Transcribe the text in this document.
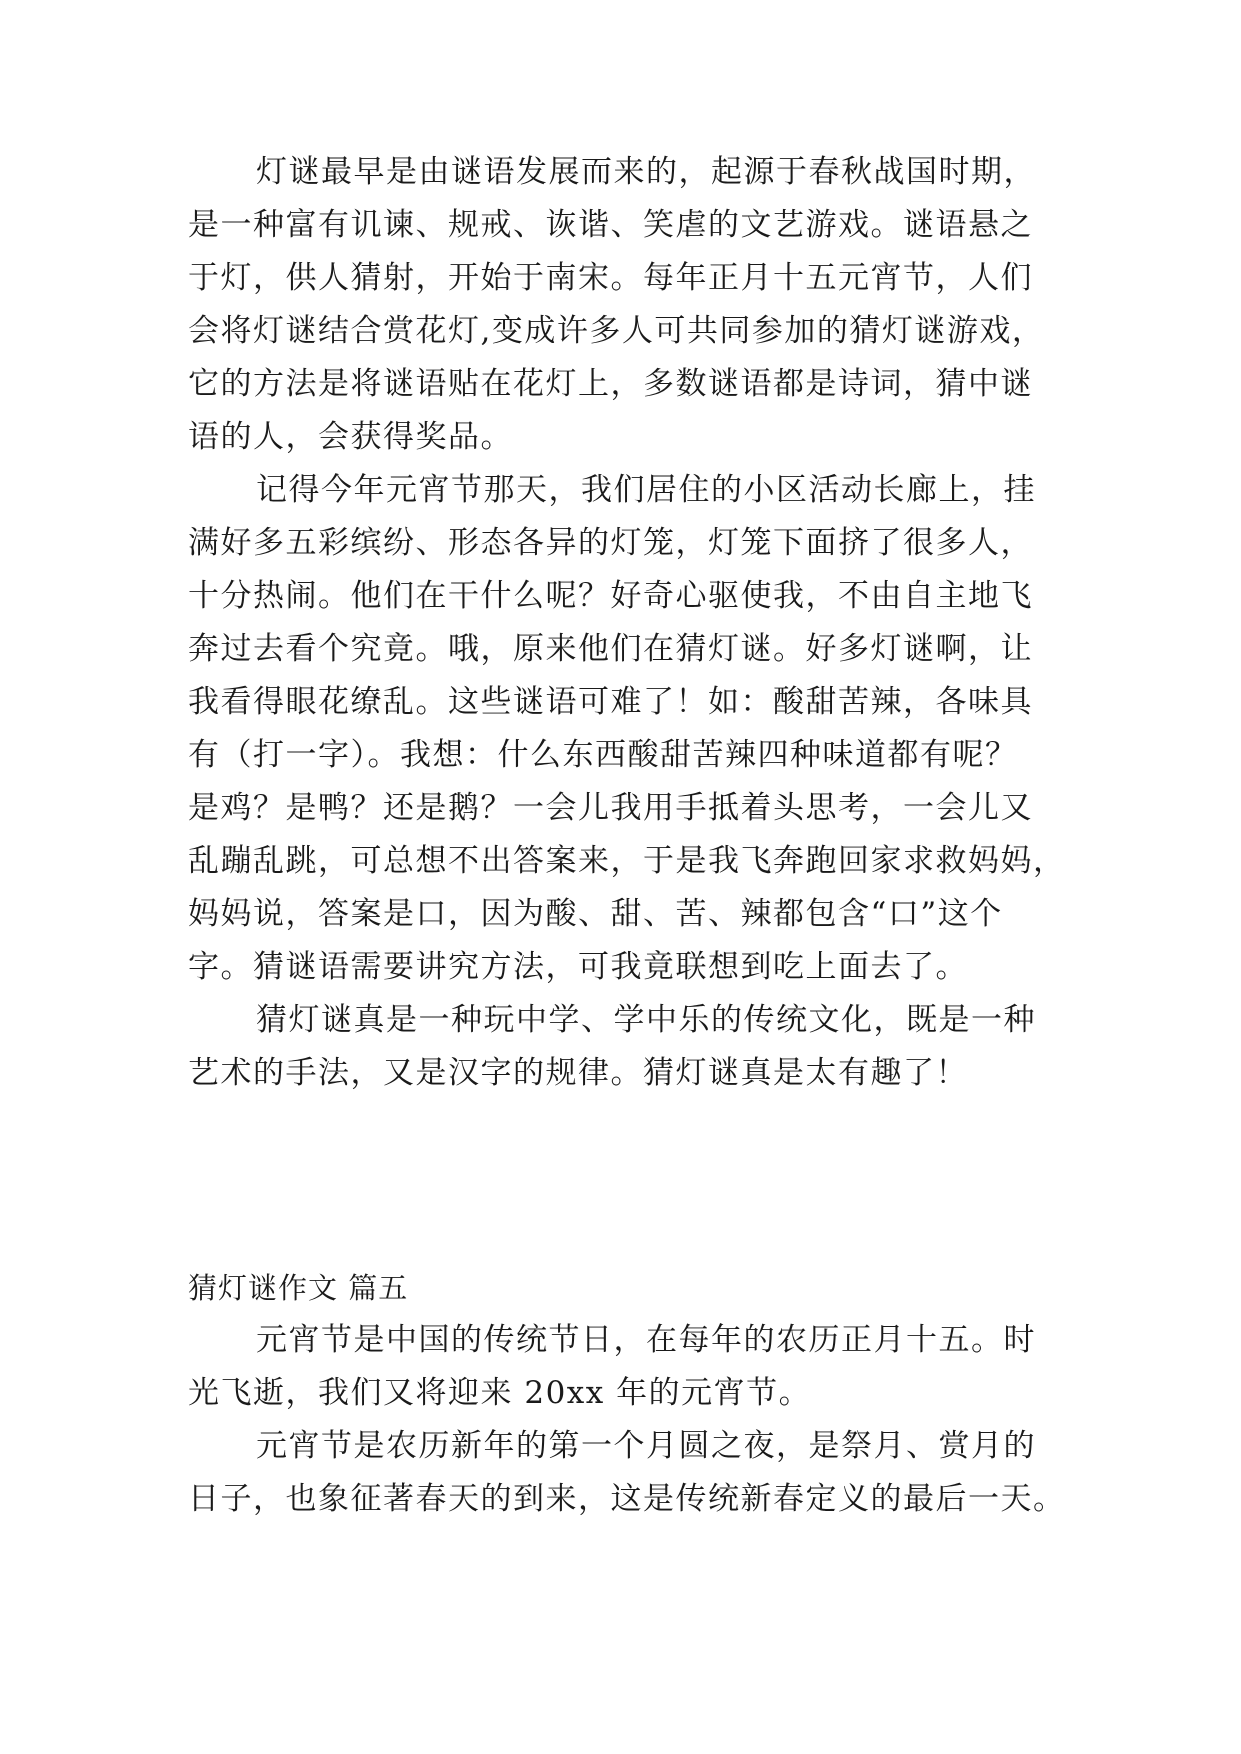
灯谜最早是由谜语发展而来的，起源于春秋战国时期，
是一种富有讥谏、规戒、诙谐、笑虐的文艺游戏。谜语悬之
于灯，供人猜射，开始于南宋。每年正月十五元宵节，人们
会将灯谜结合赏花灯,变成许多人可共同参加的猜灯谜游戏，
它的方法是将谜语贴在花灯上，多数谜语都是诗词，猜中谜
语的人，会获得奖品。
记得今年元宵节那天，我们居住的小区活动长廊上，挂
满好多五彩缤纷、形态各异的灯笼，灯笼下面挤了很多人，
十分热闹。他们在干什么呢？好奇心驱使我，不由自主地飞
奔过去看个究竟。哦，原来他们在猜灯谜。好多灯谜啊，让
我看得眼花缭乱。这些谜语可难了！如：酸甜苦辣，各味具
有（打一字）。我想：什么东西酸甜苦辣四种味道都有呢？
是鸡？是鸭？还是鹅？一会儿我用手抵着头思考，一会儿又
乱蹦乱跳，可总想不出答案来，于是我飞奔跑回家求救妈妈，
妈妈说，答案是口，因为酸、甜、苦、辣都包含“口”这个
字。猜谜语需要讲究方法，可我竟联想到吃上面去了。
猜灯谜真是一种玩中学、学中乐的传统文化，既是一种
艺术的手法，又是汉字的规律。猜灯谜真是太有趣了！
猜灯谜作文 篇五
元宵节是中国的传统节日，在每年的农历正月十五。时
光飞逝，我们又将迎来 20xx 年的元宵节。
元宵节是农历新年的第一个月圆之夜，是祭月、赏月的
日子，也象征著春天的到来，这是传统新春定义的最后一天。
